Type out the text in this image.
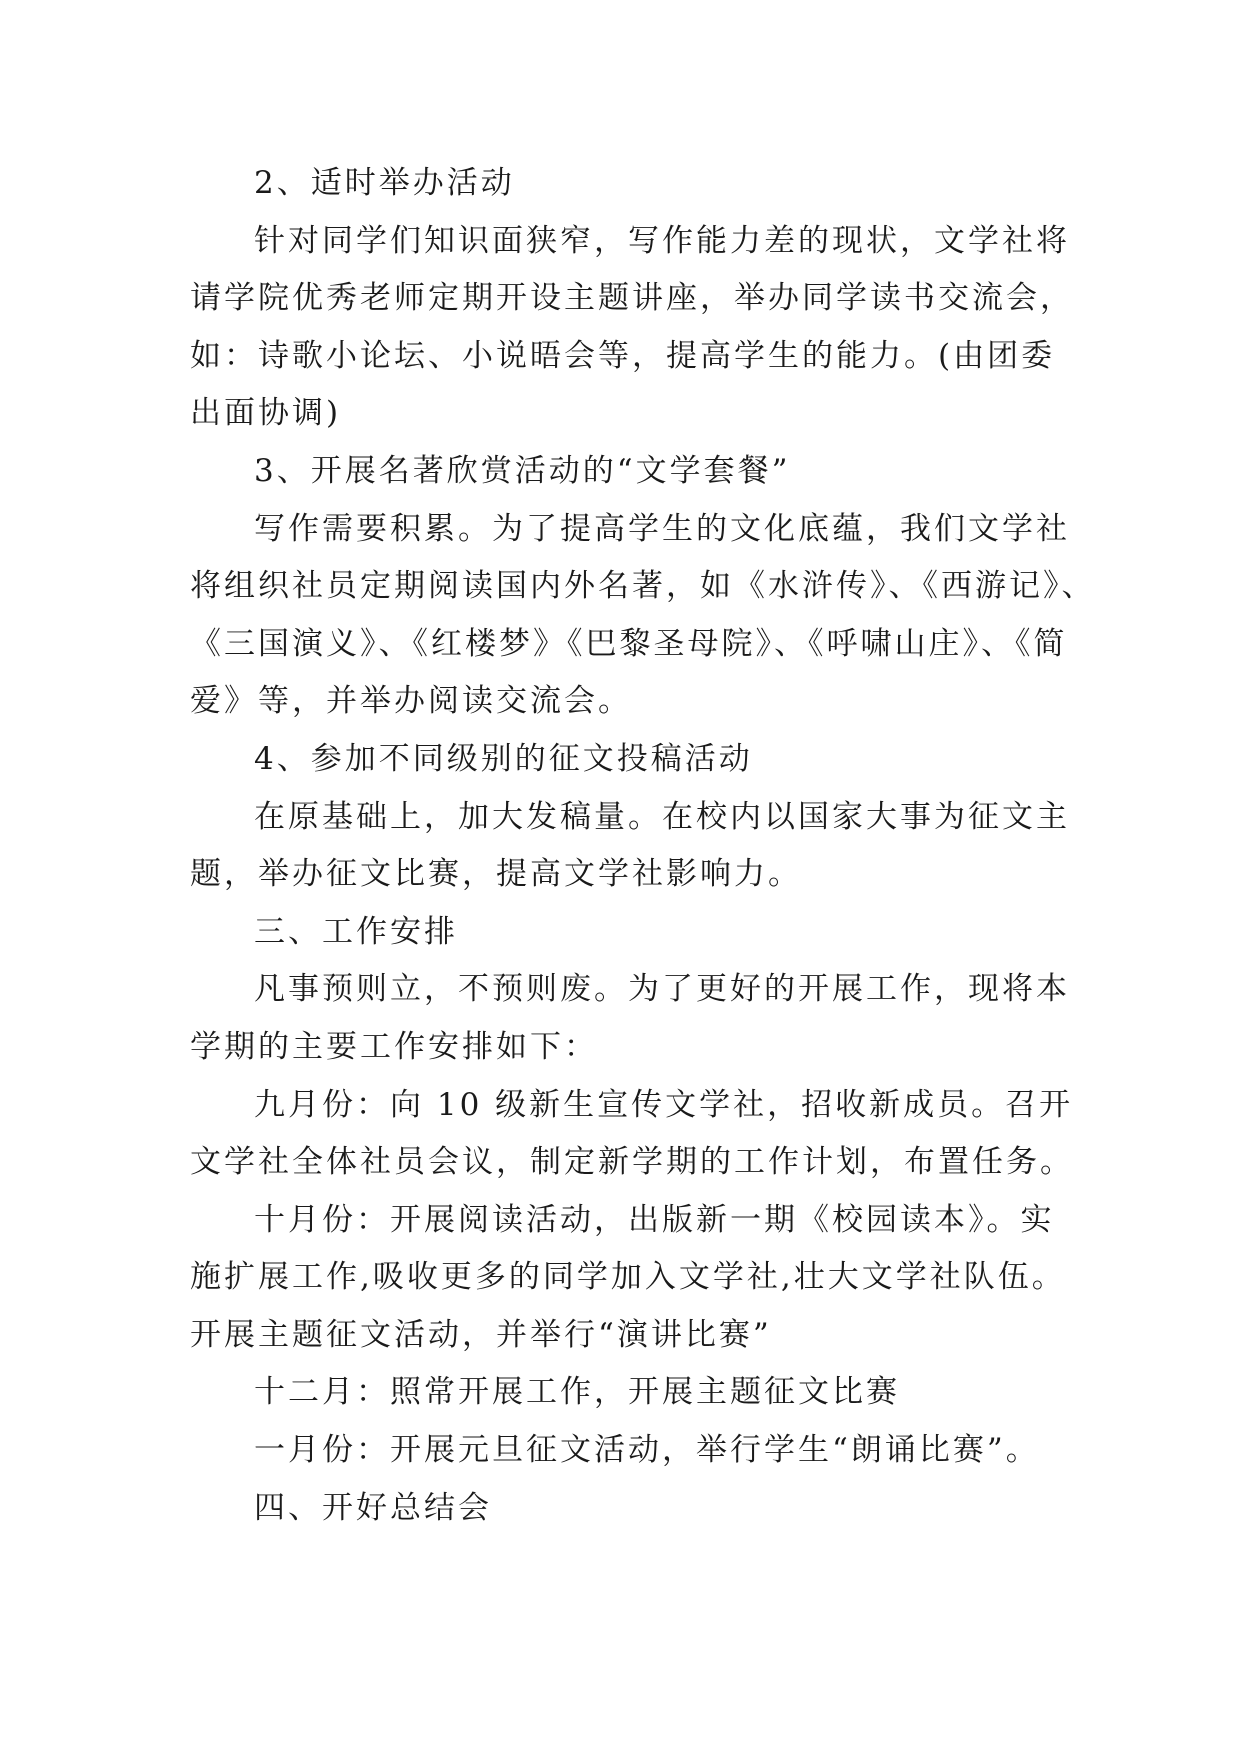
2、适时举办活动
针对同学们知识面狭窄，写作能力差的现状，文学社将
请学院优秀老师定期开设主题讲座，举办同学读书交流会，
如：诗歌小论坛、小说晤会等，提高学生的能力。(由团委
出面协调)
3、开展名著欣赏活动的“文学套餐”
写作需要积累。为了提高学生的文化底蕴，我们文学社
将组织社员定期阅读国内外名著，如《水浒传》、《西游记》、
《三国演义》、《红楼梦》《巴黎圣母院》、《呼啸山庄》、《简
爱》等，并举办阅读交流会。
4、参加不同级别的征文投稿活动
在原基础上，加大发稿量。在校内以国家大事为征文主
题，举办征文比赛，提高文学社影响力。
三、工作安排
凡事预则立，不预则废。为了更好的开展工作，现将本
学期的主要工作安排如下：
九月份：向 10 级新生宣传文学社，招收新成员。召开
文学社全体社员会议，制定新学期的工作计划，布置任务。
十月份：开展阅读活动，出版新一期《校园读本》。实
施扩展工作,吸收更多的同学加入文学社,壮大文学社队伍。
开展主题征文活动，并举行“演讲比赛”
十二月：照常开展工作，开展主题征文比赛
一月份：开展元旦征文活动，举行学生“朗诵比赛”。
四、开好总结会
